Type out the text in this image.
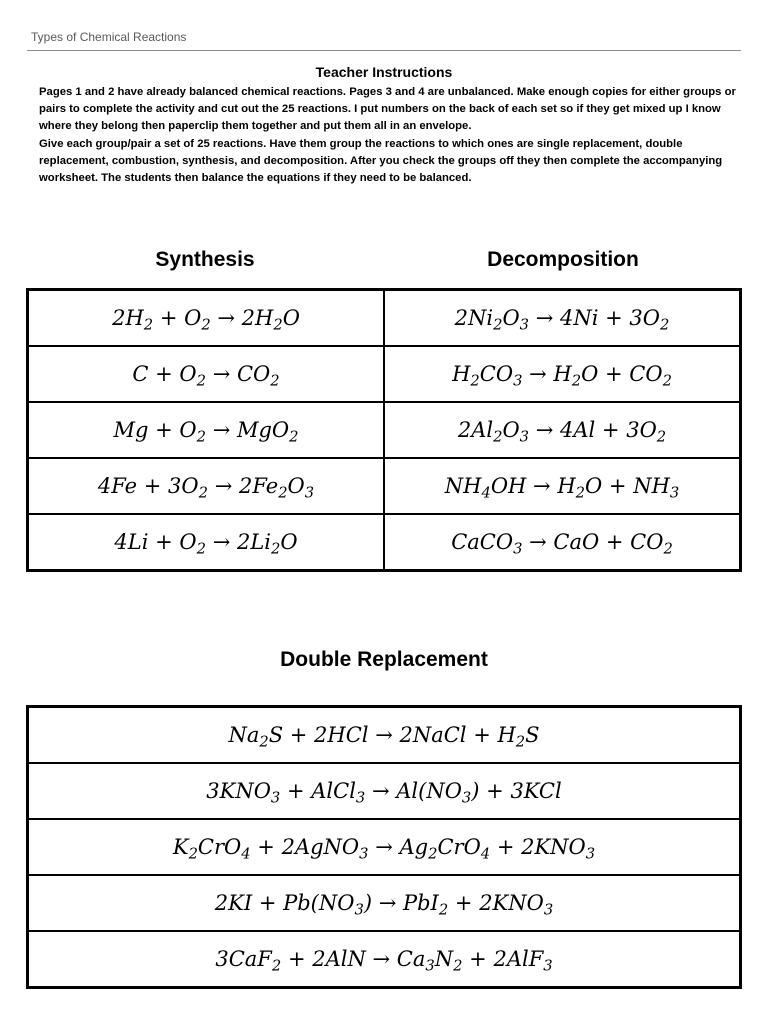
Types of Chemical Reactions
Teacher Instructions

Pages 1 and 2 have already balanced chemical reactions. Pages 3 and 4 are unbalanced. Make enough copies for either groups or pairs to complete the activity and cut out the 25 reactions. I put numbers on the back of each set so if they get mixed up I know where they belong then paperclip them together and put them all in an envelope.

Give each group/pair a set of 25 reactions. Have them group the reactions to which ones are single replacement, double replacement, combustion, synthesis, and decomposition. After you check the groups off they then complete the accompanying worksheet. The students then balance the equations if they need to be balanced.

Synthesis	Decomposition
$2H_2 + O_2 \to 2H_2O$	$2Ni_2O_3 \to 4Ni + 3O_2$
$C + O_2 \to CO_2$	$H_2CO_3 \to H_2O + CO_2$
$Mg + O_2 \to MgO_2$	$2Al_2O_3 \to 4Al + 3O_2$
$4Fe + 3O_2 \to 2Fe_2O_3$	$NH_4OH \to H_2O + NH_3$
$4Li + O_2 \to 2Li_2O$	CaCO$_3$ → CaO + $CO_2$
Double Replacement
$Na_2S + 2HCl$ → 2NaCl + $H_2S$
$3KNO_3$ + AlCl$_3$ → $Al(NO_3) + 3KCl$
$K_2CrO_4$ + 2AgNO$_3$ → $Ag_2CrO_4 + 2KNO_3$
$2KI + Pb(NO_3) \to PbI_2 + 2KNO_3$
$3CaF_2 + 2AlN \to Ca_3N_2 + 2AlF_3$
